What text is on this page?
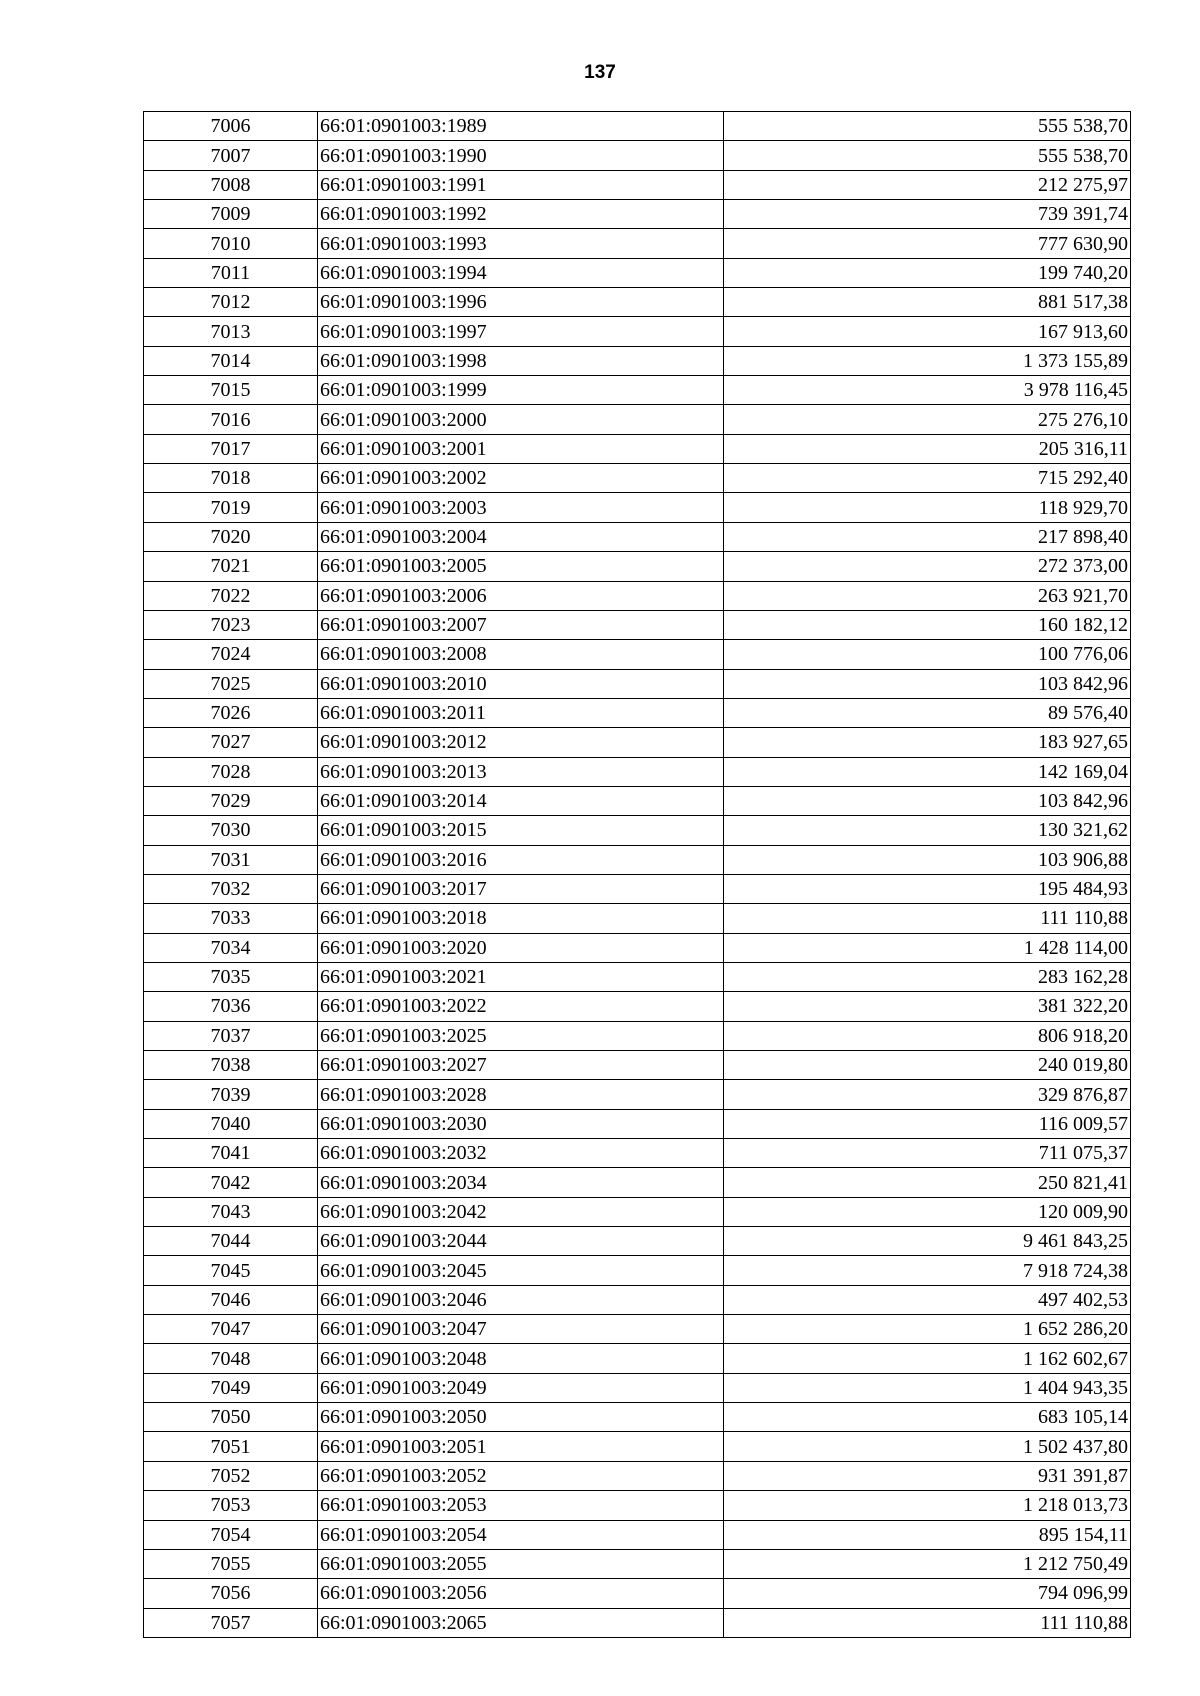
137
7006	66:01:0901003:1989	555 538,70
7007	66:01:0901003:1990	555 538,70
7008	66:01:0901003:1991	212 275,97
7009	66:01:0901003:1992	739 391,74
7010	66:01:0901003:1993	777 630,90
7011	66:01:0901003:1994	199 740,20
7012	66:01:0901003:1996	881 517,38
7013	66:01:0901003:1997	167 913,60
7014	66:01:0901003:1998	1 373 155,89
7015	66:01:0901003:1999	3 978 116,45
7016	66:01:0901003:2000	275 276,10
7017	66:01:0901003:2001	205 316,11
7018	66:01:0901003:2002	715 292,40
7019	66:01:0901003:2003	118 929,70
7020	66:01:0901003:2004	217 898,40
7021	66:01:0901003:2005	272 373,00
7022	66:01:0901003:2006	263 921,70
7023	66:01:0901003:2007	160 182,12
7024	66:01:0901003:2008	100 776,06
7025	66:01:0901003:2010	103 842,96
7026	66:01:0901003:2011	89 576,40
7027	66:01:0901003:2012	183 927,65
7028	66:01:0901003:2013	142 169,04
7029	66:01:0901003:2014	103 842,96
7030	66:01:0901003:2015	130 321,62
7031	66:01:0901003:2016	103 906,88
7032	66:01:0901003:2017	195 484,93
7033	66:01:0901003:2018	111 110,88
7034	66:01:0901003:2020	1 428 114,00
7035	66:01:0901003:2021	283 162,28
7036	66:01:0901003:2022	381 322,20
7037	66:01:0901003:2025	806 918,20
7038	66:01:0901003:2027	240 019,80
7039	66:01:0901003:2028	329 876,87
7040	66:01:0901003:2030	116 009,57
7041	66:01:0901003:2032	711 075,37
7042	66:01:0901003:2034	250 821,41
7043	66:01:0901003:2042	120 009,90
7044	66:01:0901003:2044	9 461 843,25
7045	66:01:0901003:2045	7 918 724,38
7046	66:01:0901003:2046	497 402,53
7047	66:01:0901003:2047	1 652 286,20
7048	66:01:0901003:2048	1 162 602,67
7049	66:01:0901003:2049	1 404 943,35
7050	66:01:0901003:2050	683 105,14
7051	66:01:0901003:2051	1 502 437,80
7052	66:01:0901003:2052	931 391,87
7053	66:01:0901003:2053	1 218 013,73
7054	66:01:0901003:2054	895 154,11
7055	66:01:0901003:2055	1 212 750,49
7056	66:01:0901003:2056	794 096,99
7057	66:01:0901003:2065	111 110,88
